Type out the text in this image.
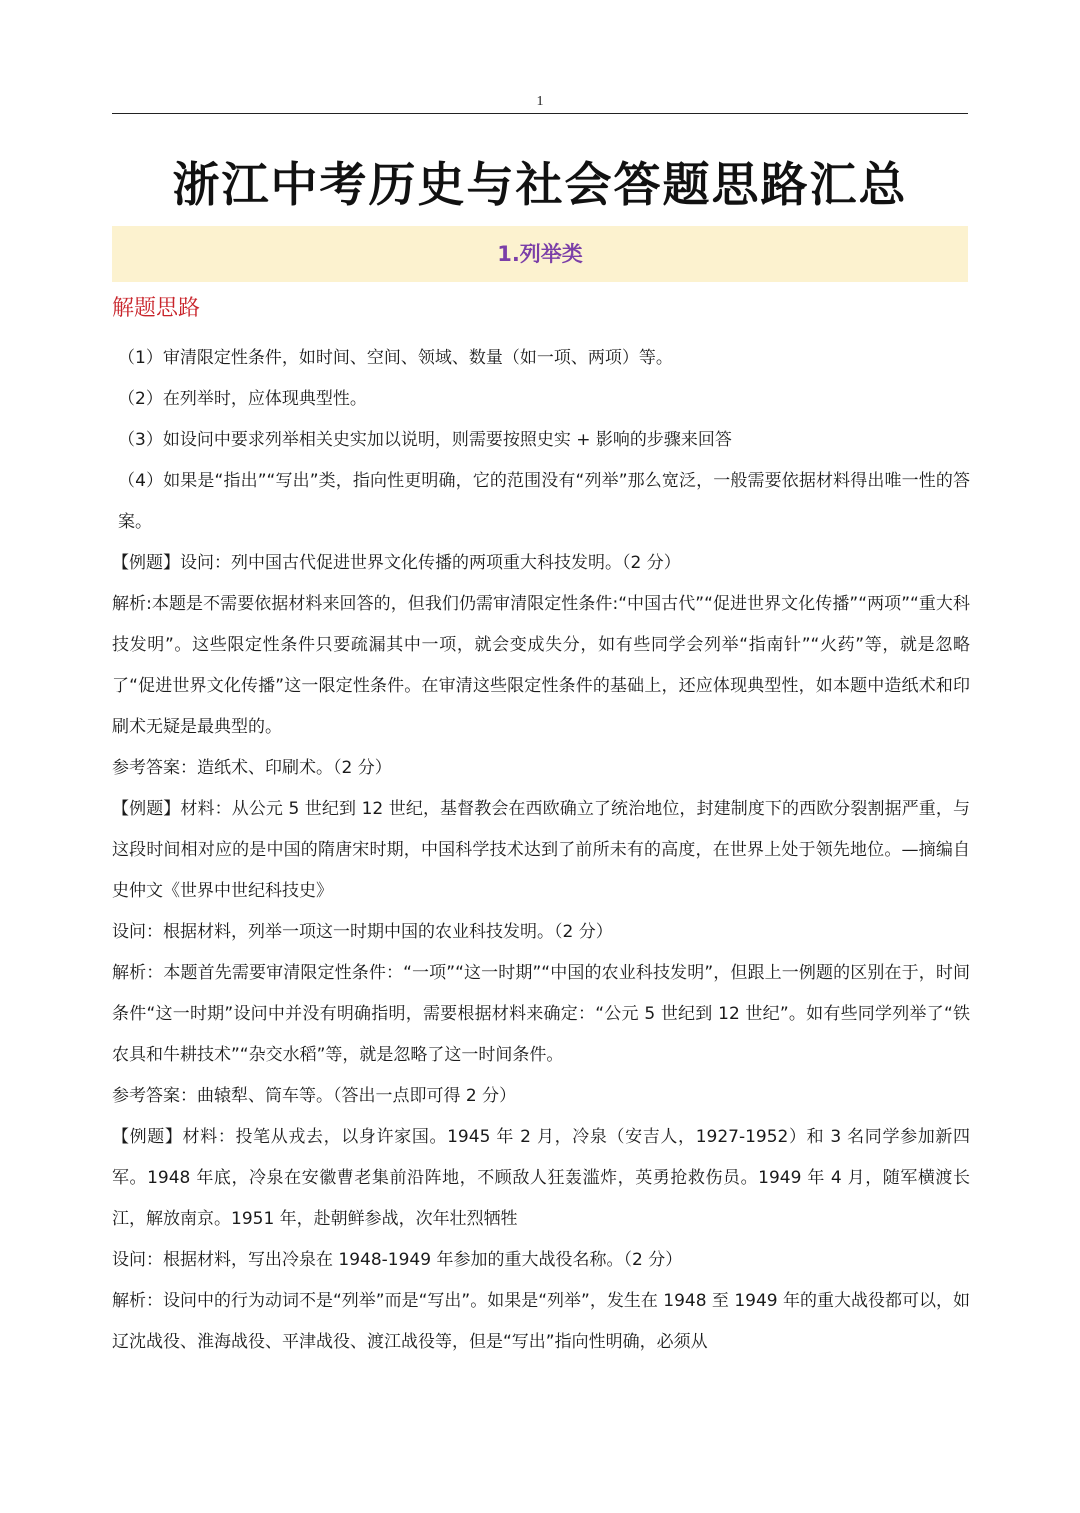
1
浙江中考历史与社会答题思路汇总
1.列举类
解题思路

（1）审清限定性条件，如时间、空间、领域、数量（如一项、两项）等。

（2）在列举时，应体现典型性。

（3）如设问中要求列举相关史实加以说明，则需要按照史实 + 影响的步骤来回答

（4）如果是“指出”“写出”类，指向性更明确，它的范围没有“列举”那么宽泛，一般需要依据材料得出唯一性的答案。

【例题】设问：列中国古代促进世界文化传播的两项重大科技发明。（2 分）

解析:本题是不需要依据材料来回答的，但我们仍需审清限定性条件:“中国古代”“促进世界文化传播”“两项”“重大科技发明”。这些限定性条件只要疏漏其中一项，就会变成失分，如有些同学会列举“指南针”“火药”等，就是忽略了“促进世界文化传播”这一限定性条件。在审清这些限定性条件的基础上，还应体现典型性，如本题中造纸术和印刷术无疑是最典型的。

参考答案：造纸术、印刷术。（2 分）

【例题】材料：从公元 5 世纪到 12 世纪，基督教会在西欧确立了统治地位，封建制度下的西欧分裂割据严重，与这段时间相对应的是中国的隋唐宋时期，中国科学技术达到了前所未有的高度，在世界上处于领先地位。—摘编自史仲文《世界中世纪科技史》

设问：根据材料，列举一项这一时期中国的农业科技发明。（2 分）

解析：本题首先需要审清限定性条件：“一项”“这一时期”“中国的农业科技发明”，但跟上一例题的区别在于，时间条件“这一时期”设问中并没有明确指明，需要根据材料来确定：“公元 5 世纪到 12 世纪”。如有些同学列举了“铁农具和牛耕技术”“杂交水稻”等，就是忽略了这一时间条件。

参考答案：曲辕犁、筒车等。（答出一点即可得 2 分）

【例题】材料：投笔从戎去，以身许家国。1945 年 2 月，冷泉（安吉人，1927-1952）和 3 名同学参加新四军。1948 年底，冷泉在安徽曹老集前沿阵地，不顾敌人狂轰滥炸，英勇抢救伤员。1949 年 4 月，随军横渡长江，解放南京。1951 年，赴朝鲜参战，次年壮烈牺牲

设问：根据材料，写出冷泉在 1948-1949 年参加的重大战役名称。（2 分）

解析：设问中的行为动词不是“列举”而是“写出”。如果是“列举”，发生在 1948 至 1949 年的重大战役都可以，如辽沈战役、淮海战役、平津战役、渡江战役等，但是“写出”指向性明确，必须从
